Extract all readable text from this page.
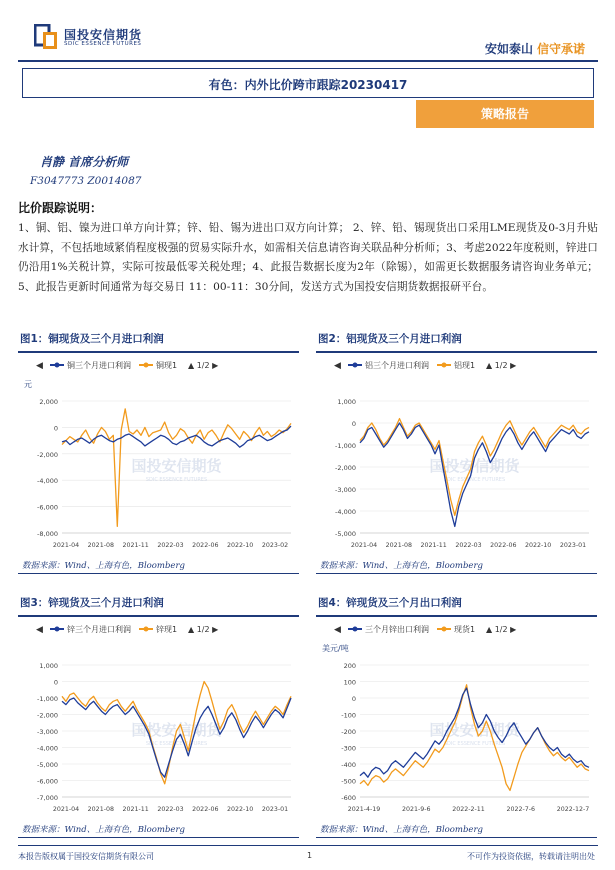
国投安信期货
SDIC ESSENCE FUTURES	安如泰山 信守承诺
有色：内外比价跨市跟踪20230417
策略报告
肖静 首席分析师
F3047773 Z0014087
比价跟踪说明：
1、铜、铝、镍为进口单方向计算；锌、铅、锡为进出口双方向计算； 2、锌、铅、锡现货出口采用LME现货及0-3月升贴水计算，不包括地域紧俏程度极强的贸易实际升水，如需相关信息请咨询关联品种分析师；3、考虑2022年度税则，锌进口仍沿用1%关税计算，实际可按最低零关税处理；4、此报告数据长度为2年（除锡），如需更长数据服务请咨询业务单元；5、此报告更新时间通常为每交易日 11：00-11：30分间，发送方式为国投安信期货数据报研平台。
图1：铜现货及三个月进口利润
◀	铜三个月进口利润	铜现1 ▲ 1/2 ▶
元
2,000
0
-2,000
-4,000
-6,000
-8,000
国投安信期货
SDIC ESSENCE FUTURES
2021-04 2021-08 2021-11 2022-03 2022-06 2022-10 2023-02
数据来源：Wind、上海有色，Bloomberg
图2：铝现货及三个月进口利润
◀	铝三个月进口利润	铝现1 ▲ 1/2 ▶
1,000
0
-1,000
-2,000
-3,000
-4,000
-5,000
国投安信期货
SDIC ESSENCE FUTURES
2021-04 2021-08 2021-11 2022-03 2022-06 2022-10 2023-01
数据来源：Wind、上海有色，Bloomberg
图3：锌现货及三个月进口利润
◀	锌三个月进口利润	锌现1 ▲ 1/2 ▶
1,000
0
-1,000
-2,000
-3,000
-4,000
-5,000
-6,000
-7,000
国投安信期货
SDIC ESSENCE FUTURES
2021-04 2021-08 2021-11 2022-03 2022-06 2022-10 2023-01
数据来源：Wind、上海有色，Bloomberg
图4：锌现货及三个月出口利润
◀	三个月锌出口利润	现货1 ▲ 1/2 ▶
美元/吨
200
100
0
-100
-200
-300
-400
-500
-600
国投安信期货
SDIC ESSENCE FUTURES
2021-4-19	2021-9-6	2022-2-11	2022-7-6	2022-12-7
数据来源：Wind、上海有色，Bloomberg
本报告版权属于国投安信期货有限公司	1	不可作为投资依据，转载请注明出处
